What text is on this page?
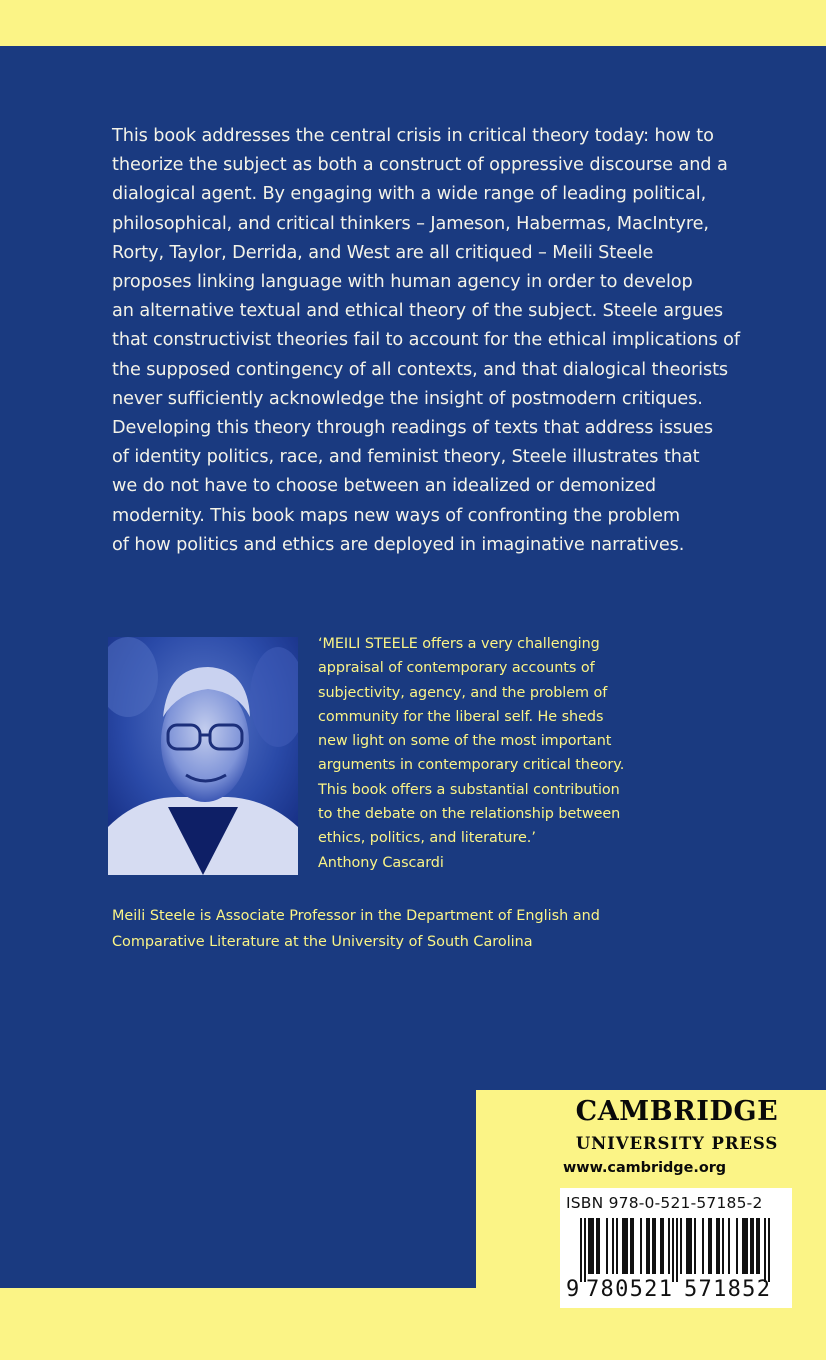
This book addresses the central crisis in critical theory today: how to
theorize the subject as both a construct of oppressive discourse and a
dialogical agent. By engaging with a wide range of leading political,
philosophical, and critical thinkers – Jameson, Habermas, MacIntyre,
Rorty, Taylor, Derrida, and West are all critiqued – Meili Steele
proposes linking language with human agency in order to develop
an alternative textual and ethical theory of the subject. Steele argues
that constructivist theories fail to account for the ethical implications of
the supposed contingency of all contexts, and that dialogical theorists
never sufficiently acknowledge the insight of postmodern critiques.
Developing this theory through readings of texts that address issues
of identity politics, race, and feminist theory, Steele illustrates that
we do not have to choose between an idealized or demonized
modernity. This book maps new ways of confronting the problem
of how politics and ethics are deployed in imaginative narratives.

‘MEILI STEELE offers a very challenging
appraisal of contemporary accounts of
subjectivity, agency, and the problem of
community for the liberal self. He sheds
new light on some of the most important
arguments in contemporary critical theory.
This book offers a substantial contribution
to the debate on the relationship between
ethics, politics, and literature.’
Anthony Cascardi
Meili Steele is Associate Professor in the Department of English and
Comparative Literature at the University of South Carolina
Literature, Culture, Theory 21
CAMBRIDGE
UNIVERSITY PRESS
www.cambridge.org
ISBN 978-0-521-57185-2
9 780521 571852
